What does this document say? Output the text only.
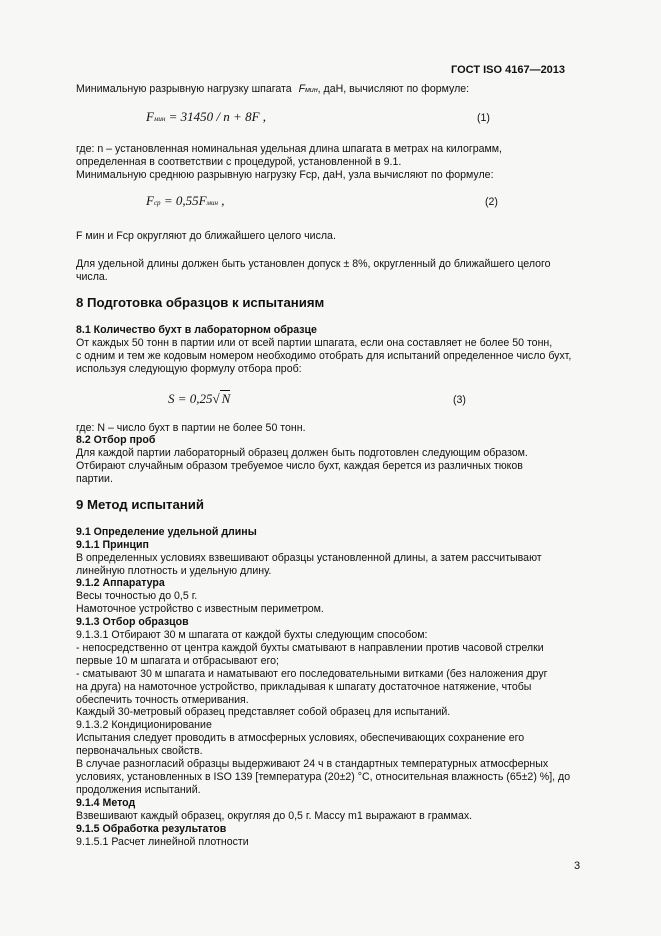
ГОСТ ISO 4167—2013
Минимальную разрывную нагрузку шпагата Fмин, даН, вычисляют по формуле:
Fмин = 31450 / n + 8F ,	(1)
где: n – установленная номинальная удельная длина шпагата в метрах на килограмм,
определенная в соответствии с процедурой, установленной в 9.1.
Минимальную среднюю разрывную нагрузку Fср, даН, узла вычисляют по формуле:
Fср = 0,55Fмин ,	(2)
F мин и Fср округляют до ближайшего целого числа.
Для удельной длины должен быть установлен допуск ± 8%, округленный до ближайшего целого
числа.
8 Подготовка образцов к испытаниям
8.1 Количество бухт в лабораторном образце
От каждых 50 тонн в партии или от всей партии шпагата, если она составляет не более 50 тонн,
с одним и тем же кодовым номером необходимо отобрать для испытаний определенное число бухт,
используя следующую формулу отбора проб:
S = 0,25√ N	(3)
где: N – число бухт в партии не более 50 тонн.
8.2 Отбор проб
Для каждой партии лабораторный образец должен быть подготовлен следующим образом.
Отбирают случайным образом требуемое число бухт, каждая берется из различных тюков
партии.
9 Метод испытаний
9.1 Определение удельной длины
9.1.1 Принцип
В определенных условиях взвешивают образцы установленной длины, а затем рассчитывают
линейную плотность и удельную длину.
9.1.2 Аппаратура
Весы точностью до 0,5 г.
Намоточное устройство с известным периметром.
9.1.3 Отбор образцов
9.1.3.1 Отбирают 30 м шпагата от каждой бухты следующим способом:
- непосредственно от центра каждой бухты сматывают в направлении против часовой стрелки
первые 10 м шпагата и отбрасывают его;
- сматывают 30 м шпагата и наматывают его последовательными витками (без наложения друг
на друга) на намоточное устройство, прикладывая к шпагату достаточное натяжение, чтобы
обеспечить точность отмеривания.
Каждый 30-метровый образец представляет собой образец для испытаний.
9.1.3.2 Кондиционирование
Испытания следует проводить в атмосферных условиях, обеспечивающих сохранение его
первоначальных свойств.
В случае разногласий образцы выдерживают 24 ч в стандартных температурных атмосферных
условиях, установленных в ISO 139 [температура (20±2) °С, относительная влажность (65±2) %], до
продолжения испытаний.
9.1.4 Метод
Взвешивают каждый образец, округляя до 0,5 г. Массу m1 выражают в граммах.
9.1.5 Обработка результатов
9.1.5.1 Расчет линейной плотности
3
